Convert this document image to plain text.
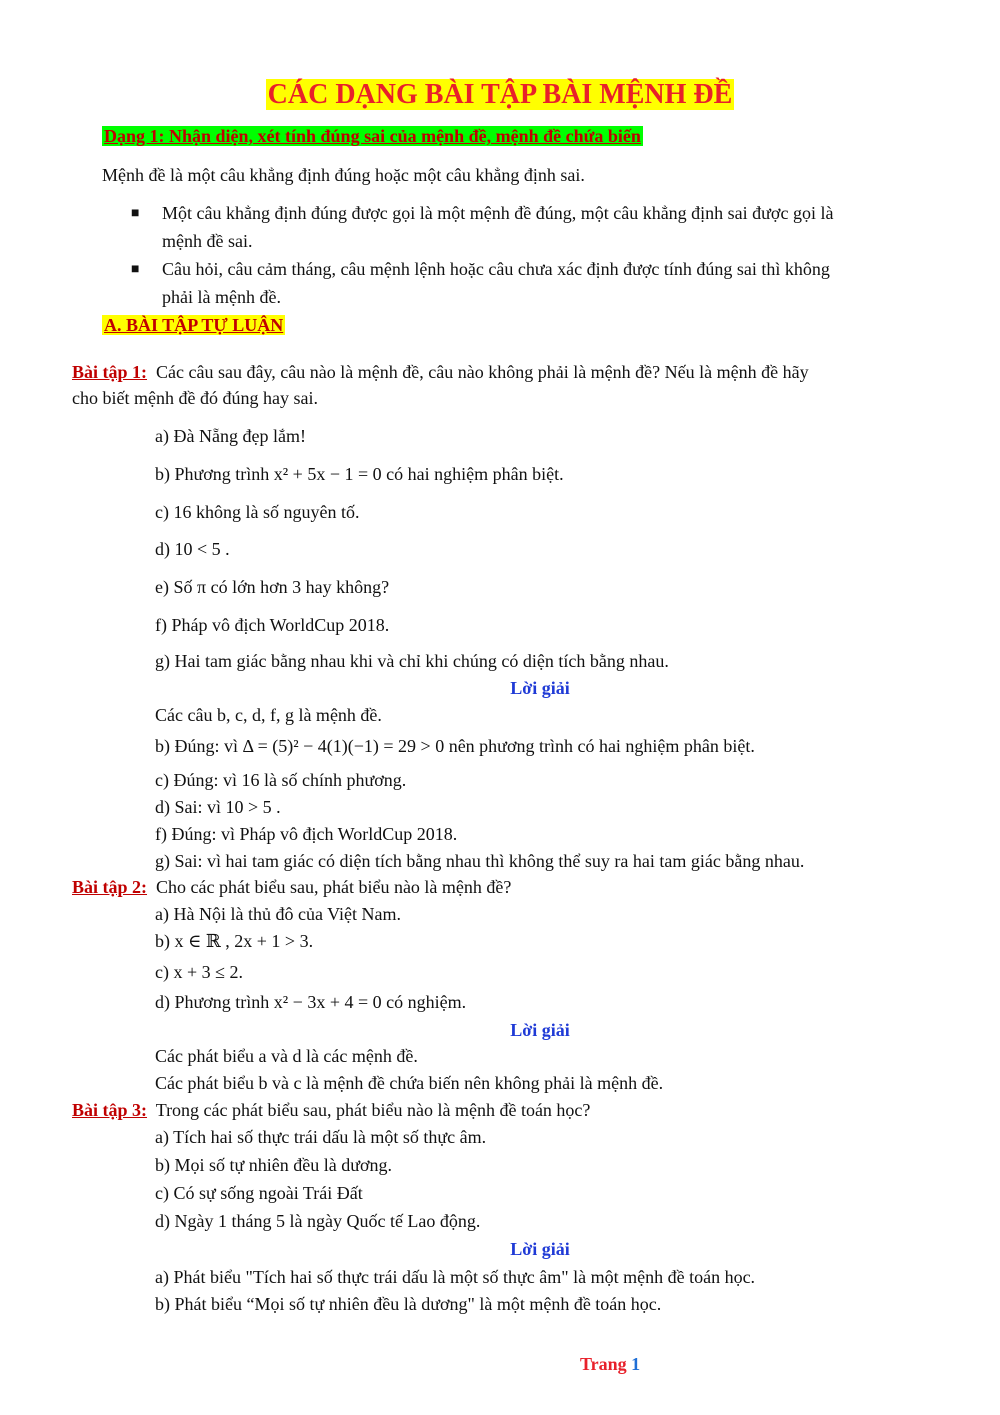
CÁC DẠNG BÀI TẬP BÀI MỆNH ĐỀ
Dạng 1: Nhận diện, xét tính đúng sai của mệnh đề, mệnh đề chứa biến
Mệnh đề là một câu khẳng định đúng hoặc một câu khẳng định sai.
■ Một câu khẳng định đúng được gọi là một mệnh đề đúng, một câu khẳng định sai được gọi là
mệnh đề sai.
■ Câu hỏi, câu cảm tháng, câu mệnh lệnh hoặc câu chưa xác định được tính đúng sai thì không
phải là mệnh đề.
A. BÀI TẬP TỰ LUẬN
Bài tập 1: Các câu sau đây, câu nào là mệnh đề, câu nào không phải là mệnh đề? Nếu là mệnh đề hãy
cho biết mệnh đề đó đúng hay sai.
a) Đà Nẵng đẹp lắm!
b) Phương trình x² + 5x − 1 = 0 có hai nghiệm phân biệt.
c) 16 không là số nguyên tố.
d) 10 < 5 .
e) Số π có lớn hơn 3 hay không?
f) Pháp vô địch WorldCup 2018.
g) Hai tam giác bằng nhau khi và chỉ khi chúng có diện tích bằng nhau.
Lời giải
Các câu b, c, d, f, g là mệnh đề.
b) Đúng: vì Δ = (5)² − 4(1)(−1) = 29 > 0 nên phương trình có hai nghiệm phân biệt.
c) Đúng: vì 16 là số chính phương.
d) Sai: vì 10 > 5 .
f) Đúng: vì Pháp vô địch WorldCup 2018.
g) Sai: vì hai tam giác có diện tích bằng nhau thì không thể suy ra hai tam giác bằng nhau.
Bài tập 2: Cho các phát biểu sau, phát biểu nào là mệnh đề?
a) Hà Nội là thủ đô của Việt Nam.
b) x ∈ ℝ , 2x + 1 > 3.
c) x + 3 ≤ 2.
d) Phương trình x² − 3x + 4 = 0 có nghiệm.
Lời giải
Các phát biểu a và d là các mệnh đề.
Các phát biểu b và c là mệnh đề chứa biến nên không phải là mệnh đề.
Bài tập 3: Trong các phát biểu sau, phát biểu nào là mệnh đề toán học?
a) Tích hai số thực trái dấu là một số thực âm.
b) Mọi số tự nhiên đều là dương.
c) Có sự sống ngoài Trái Đất
d) Ngày 1 tháng 5 là ngày Quốc tế Lao động.
Lời giải
a) Phát biểu "Tích hai số thực trái dấu là một số thực âm" là một mệnh đề toán học.
b) Phát biểu “Mọi số tự nhiên đều là dương" là một mệnh đề toán học.
Trang 1
